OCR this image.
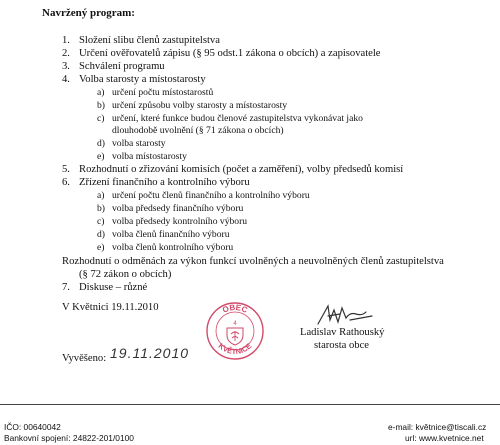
Navržený program:
1. Složení slibu členů zastupitelstva
2. Určení ověřovatelů zápisu (§ 95 odst.1 zákona o obcích) a zapisovatele
3. Schválení programu
4. Volba starosty a místostarosty
a) určení počtu místostarostů
b) určení způsobu volby starosty a místostarosty
c) určení, které funkce budou členové zastupitelstva vykonávat jako
dlouhodobě uvolnění (§ 71 zákona o obcích)
d) volba starosty
e) volba místostarosty
5. Rozhodnutí o zřizování komisích (počet a zaměření), volby předsedů komisí
6. Zřízení finančního a kontrolního výboru
a) určení počtu členů finančního a kontrolního výboru
b) volba předsedy finančního výboru
c) volba předsedy kontrolního výboru
d) volba členů finančního výboru
e) volba členů kontrolního výboru
Rozhodnutí o odměnách za výkon funkcí uvolněných a neuvolněných členů zastupitelstva
(§ 72 zákon o obcích)
7. Diskuse – různé
V Květnici 19.11.2010	OBEC
KVĚTNICE
4
Ladislav Rathouský
starosta obce
Vyvěšeno: 19.11.2010
IČO: 00640042
Bankovní spojení: 24822-201/0100
e-mail: květnice@tiscali.cz
url: www.kvetnice.net
